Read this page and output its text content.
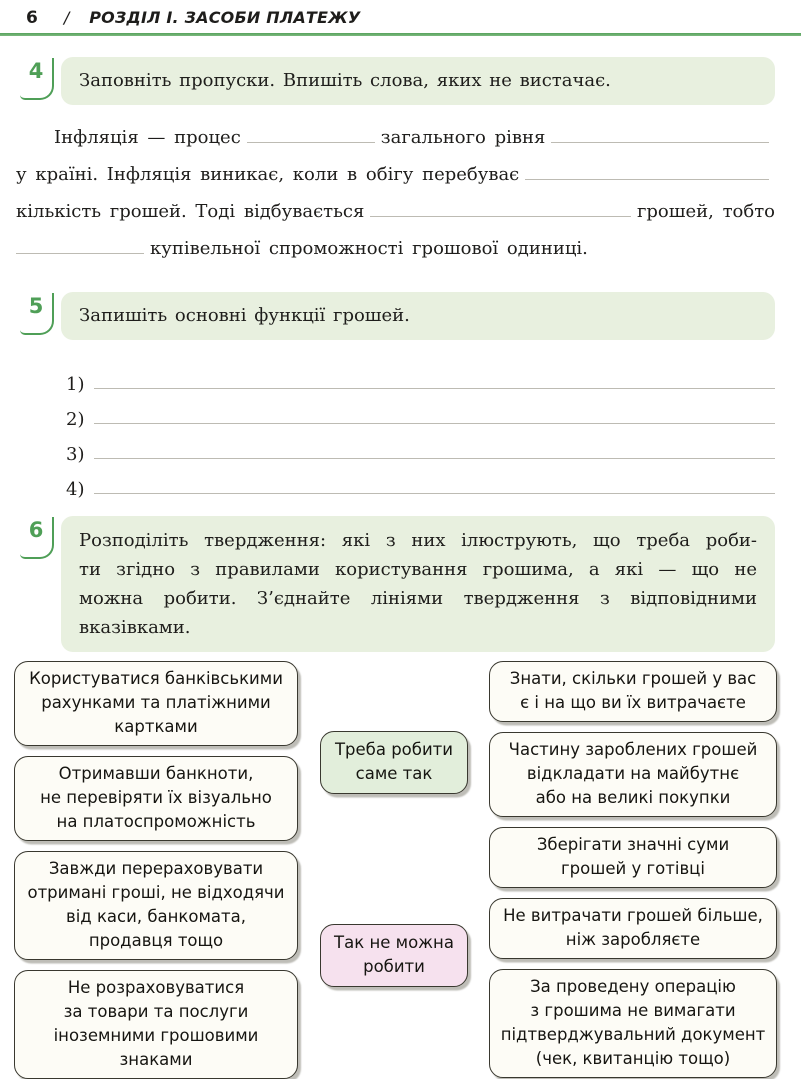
6 / РОЗДІЛ І. ЗАСОБИ ПЛАТЕЖУ
4	Заповніть пропуски. Впишіть слова, яких не вистачає.
Інфляція — процес	загального рівня
у країні. Інфляція виникає, коли в обігу перебуває
кількість грошей. Тоді відбувається	грошей, тобто
купівельної спроможності грошової одиниці.
5	Запишіть основні функції грошей.
1)
2)
3)
4)
6 Розподіліть твердження: які з них ілюструють, що треба роби-
ти згідно з правилами користування грошима, а які — що не
можна робити. З’єднайте лініями твердження з відповідними
вказівками.
Користуватися банківськими
рахунками та платіжними
картками
Отримавши банкноти,
не перевіряти їх візуально
на платоспроможність
Завжди перераховувати
отримані гроші, не відходячи
від каси, банкомата,
продавця тощо
Не розраховуватися
за товари та послуги
іноземними грошовими
знаками
Треба робити
саме так
Так не можна
робити
Знати, скільки грошей у вас
є і на що ви їх витрачаєте
Частину зароблених грошей
відкладати на майбутнє
або на великі покупки
Зберігати значні суми
грошей у готівці
Не витрачати грошей більше,
ніж заробляєте
За проведену операцію
з грошима не вимагати
підтверджувальний документ
(чек, квитанцію тощо)
